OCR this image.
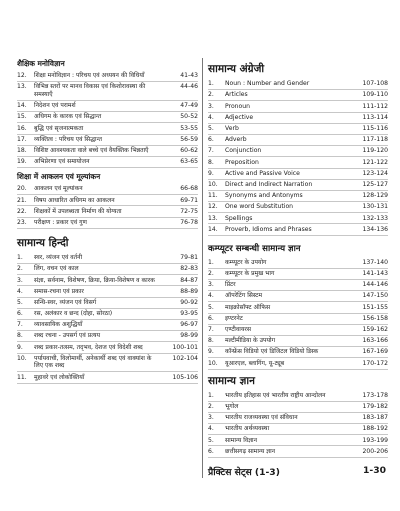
शैक्षिक मनोविज्ञान
12.	शिक्षा मनोविज्ञान : परिचय एवं अध्ययन की विधियाँ	41-43
13.	विभिन्न स्तरों पर मानव विकास एवं किशोरावस्था की समस्याएँ
44-46
14.	निदेशन एवं परामर्श	47-49
15.	अधिगम के कारक एवं सिद्धान्त	50-52
16.	बुद्धि एवं सृजनात्मकता	53-55
17.	व्यक्तित्व : परिचय एवं सिद्धान्त	56-59
18.	विशिष्ट आवश्यकता वाले बच्चे एवं वैयक्तिक भिन्नताएँ	60-62
19.	अभिप्रेरणा एवं समायोजन	63-65
शिक्षा में आकलन एवं मूल्यांकन
20.	आकलन एवं मूल्यांकन	66-68
21.	विषय आधारित अधिगम का आकलन	69-71
22.	शिक्षकों में उपलब्धता निर्माण की योग्यता	72-75
23.	परीक्षण : प्रकार एवं गुण	76-78
सामान्य हिन्दी
1.	स्वर, व्यंजन एवं वर्तनी	79-81
2.	लिंग, वचन एवं काल	82-83
3.	संज्ञा, सर्वनाम, विशेषण, क्रिया, क्रिया-विशेषण व कारक	84-87
4.	समास-रचना एवं प्रकार	88-89
5.	सन्धि-स्वर, व्यंजन एवं विसर्ग	90-92
6.	रस, अलंकार व छन्द (दोहा, सोरठा)	93-95
7.	व्यावसायिक अशुद्धियाँ	96-97
8.	शब्द रचना - उपसर्ग एवं प्रत्यय	98-99
9.	शब्द प्रकार-तत्सम, तद्‌भव, देशज एवं विदेशी शब्द	100-101
10.	पर्यायवाची, विलोमार्थी, अनेकार्थी शब्द एवं वाक्यांश के लिए एक शब्द
102-104
11.	मुहावरे एवं लोकोक्तियाँ	105-106
सामान्य अंग्रेजी
1.	Noun : Number and Gender	107-108
2.	Articles	109-110
3.	Pronoun	111-112
4.	Adjective	113-114
5.	Verb	115-116
6.	Adverb	117-118
7.	Conjunction	119-120
8.	Preposition	121-122
9.	Active and Passive Voice	123-124
10.	Direct and Indirect Narration	125-127
11.	Synonyms and Antonyms	128-129
12.	One word Substitution	130-131
13.	Spellings	132-133
14.	Proverb, Idioms and Phrases	134-136
कम्प्यूटर सम्बन्धी सामान्य ज्ञान
1.	कम्प्यूटर के उपयोग	137-140
2.	कम्प्यूटर के प्रमुख भाग	141-143
3.	प्रिंटर	144-146
4.	ऑपरेटिंग सिस्टम	147-150
5.	माइक्रोसॉफ्ट ऑफिस	151-155
6.	इण्टरनेट	156-158
7.	एण्टीवायरस	159-162
8.	मल्टीमीडिया के उपयोग	163-166
9.	कॉन्फ्रेंस विडियो एवं डिजिटल विडियो डिस्क	167-169
10.	यूआरएल, ब्लागिंग, यू-ट्यूब	170-172
सामान्य ज्ञान
1.	भारतीय इतिहास एवं भारतीय राष्ट्रीय आन्दोलन	173-178
2.	भूगोल	179-182
3.	भारतीय राजव्यवस्था एवं संविधान	183-187
4.	भारतीय अर्थव्यवस्था	188-192
5.	सामान्य विज्ञान	193-199
6.	छत्तीसगढ़ सामान्य ज्ञान	200-206
प्रैक्टिस सेट्स (1-3)	1-30
